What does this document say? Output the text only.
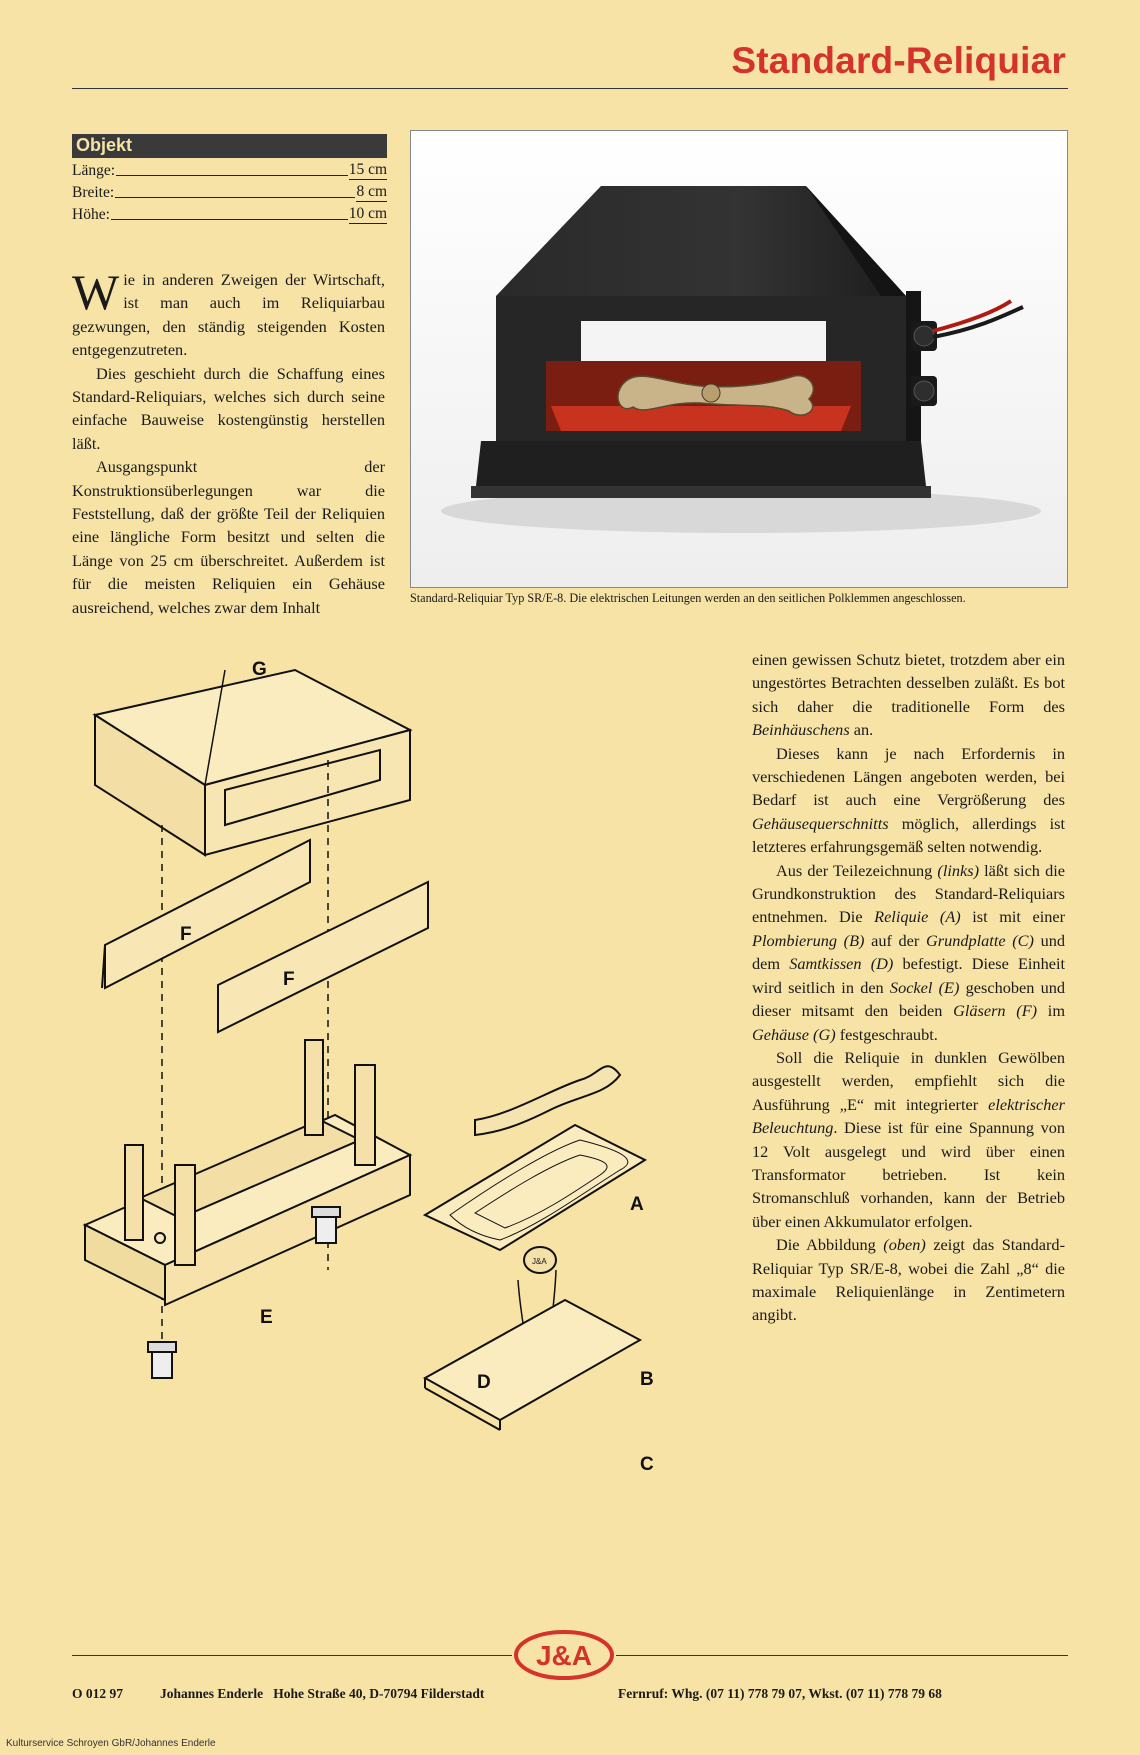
Standard-Reliquiar
Objekt
Länge:	15 cm
Breite:	8 cm
Höhe:	10 cm

Wie in anderen Zweigen der Wirtschaft, ist man auch im Reliquiarbau gezwungen, den ständig steigenden Kosten entgegenzutreten.

Dies geschieht durch die Schaffung eines Standard-Reliquiars, welches sich durch seine einfache Bauweise kostengünstig herstellen läßt.

Ausgangspunkt der Konstruktionsüberlegungen war die Feststellung, daß der größte Teil der Reliquien eine längliche Form besitzt und selten die Länge von 25 cm überschreitet. Außerdem ist für die meisten Reliquien ein Gehäuse ausreichend, welches zwar dem Inhalt	Standard-Reliquiar Typ SR/E-8. Die elektrischen Leitungen werden an den seitlichen Polklemmen angeschlossen.
G
F
F
E
A
B
C
D
J&A

einen gewissen Schutz bietet, trotzdem aber ein ungestörtes Betrachten desselben zuläßt. Es bot sich daher die traditionelle Form des Beinhäuschens an.

Dieses kann je nach Erfordernis in verschiedenen Längen angeboten werden, bei Bedarf ist auch eine Vergrößerung des Gehäusequerschnitts möglich, allerdings ist letzteres erfahrungsgemäß selten notwendig.

Aus der Teilezeichnung (links) läßt sich die Grundkonstruktion des Standard-Reliquiars entnehmen. Die Reliquie (A) ist mit einer Plombierung (B) auf der Grundplatte (C) und dem Samtkissen (D) befestigt. Diese Einheit wird seitlich in den Sockel (E) geschoben und dieser mitsamt den beiden Gläsern (F) im Gehäuse (G) festgeschraubt.

Soll die Reliquie in dunklen Gewölben ausgestellt werden, empfiehlt sich die Ausführung „E“ mit integrierter elektrischer Beleuchtung. Diese ist für eine Spannung von 12 Volt ausgelegt und wird über einen Transformator betrieben. Ist kein Stromanschluß vorhanden, kann der Betrieb über einen Akkumulator erfolgen.

Die Abbildung (oben) zeigt das Standard-Reliquiar Typ SR/E-8, wobei die Zahl „8“ die maximale Reliquienlänge in Zentimetern angibt.

J&A
O 012 97	Johannes Enderle   Hohe Straße 40, D-70794 Filderstadt	Fernruf: Whg. (07 11) 778 79 07, Wkst. (07 11) 778 79 68
Kulturservice Schroyen GbR/Johannes Enderle
